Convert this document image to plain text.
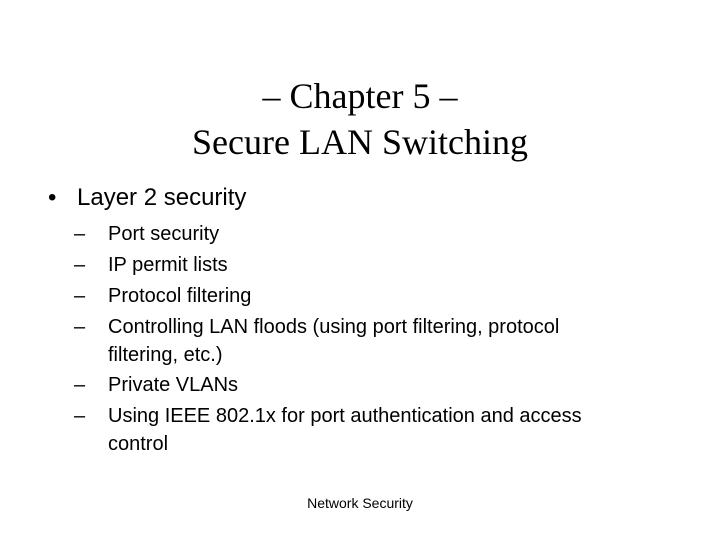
– Chapter 5 –
Secure LAN Switching
• Layer 2 security
– Port security
– IP permit lists
– Protocol filtering
– Controlling LAN floods (using port filtering, protocol
filtering, etc.)
– Private VLANs
– Using IEEE 802.1x for port authentication and access
control
Network Security
